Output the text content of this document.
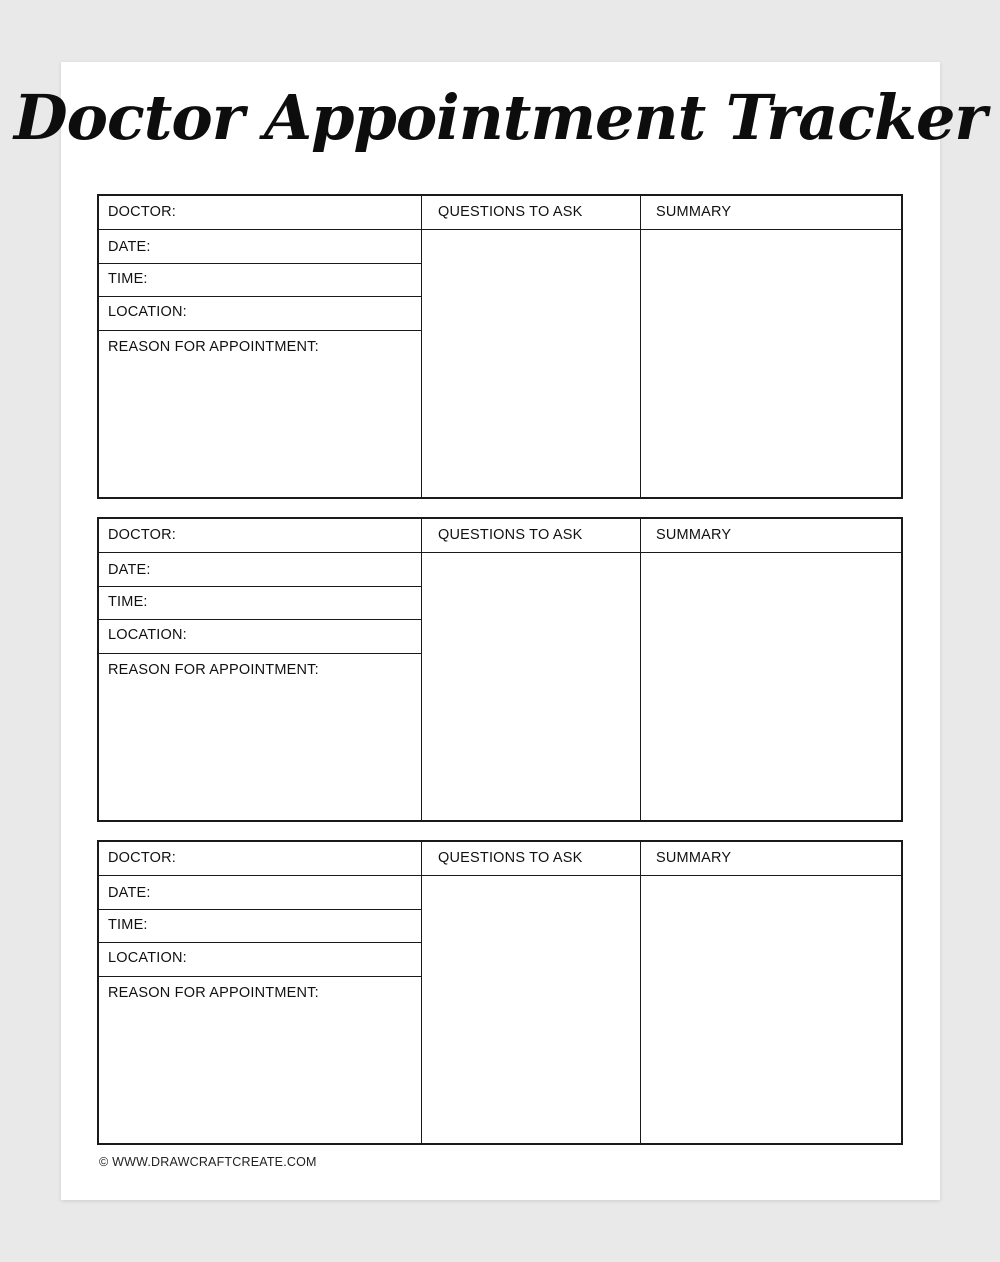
Doctor Appointment Tracker
DOCTOR:	QUESTIONS TO ASK	SUMMARY
DATE:
TIME:
LOCATION:
REASON FOR APPOINTMENT:
DOCTOR:	QUESTIONS TO ASK	SUMMARY
DATE:
TIME:
LOCATION:
REASON FOR APPOINTMENT:
DOCTOR:	QUESTIONS TO ASK	SUMMARY
DATE:
TIME:
LOCATION:
REASON FOR APPOINTMENT:
© WWW.DRAWCRAFTCREATE.COM
